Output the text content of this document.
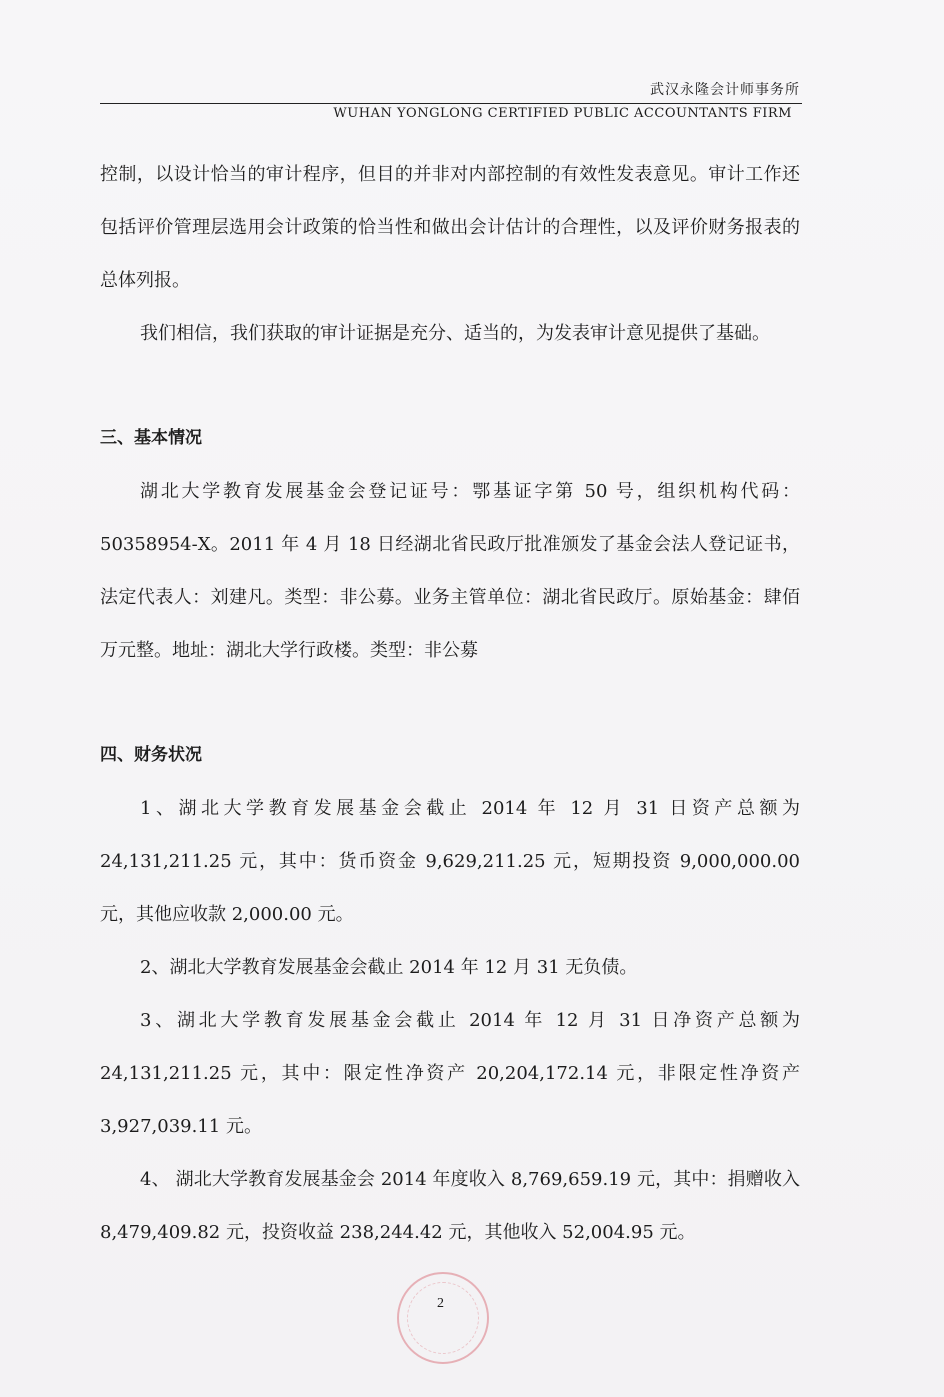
武汉永隆会计师事务所
WUHAN YONGLONG CERTIFIED PUBLIC ACCOUNTANTS FIRM

控制，以设计恰当的审计程序，但目的并非对内部控制的有效性发表意见。审计工作还包括评价管理层选用会计政策的恰当性和做出会计估计的合理性，以及评价财务报表的总体列报。

我们相信，我们获取的审计证据是充分、适当的，为发表审计意见提供了基础。

三、基本情况

湖北大学教育发展基金会登记证号：鄂基证字第 50 号，组织机构代码：50358954-X。2011 年 4 月 18 日经湖北省民政厅批准颁发了基金会法人登记证书，法定代表人：刘建凡。类型：非公募。业务主管单位：湖北省民政厅。原始基金：肆佰万元整。地址：湖北大学行政楼。类型：非公募

四、财务状况

1、湖北大学教育发展基金会截止 2014 年 12 月 31 日资产总额为 24,131,211.25 元，其中：货币资金 9,629,211.25 元，短期投资 9,000,000.00 元，其他应收款 2,000.00 元。

2、湖北大学教育发展基金会截止 2014 年 12 月 31 无负债。

3、湖北大学教育发展基金会截止 2014 年 12 月 31 日净资产总额为 24,131,211.25 元，其中：限定性净资产 20,204,172.14 元，非限定性净资产 3,927,039.11 元。

4、 湖北大学教育发展基金会 2014 年度收入 8,769,659.19 元，其中：捐赠收入 8,479,409.82 元，投资收益 238,244.42 元，其他收入 52,004.95 元。

2
